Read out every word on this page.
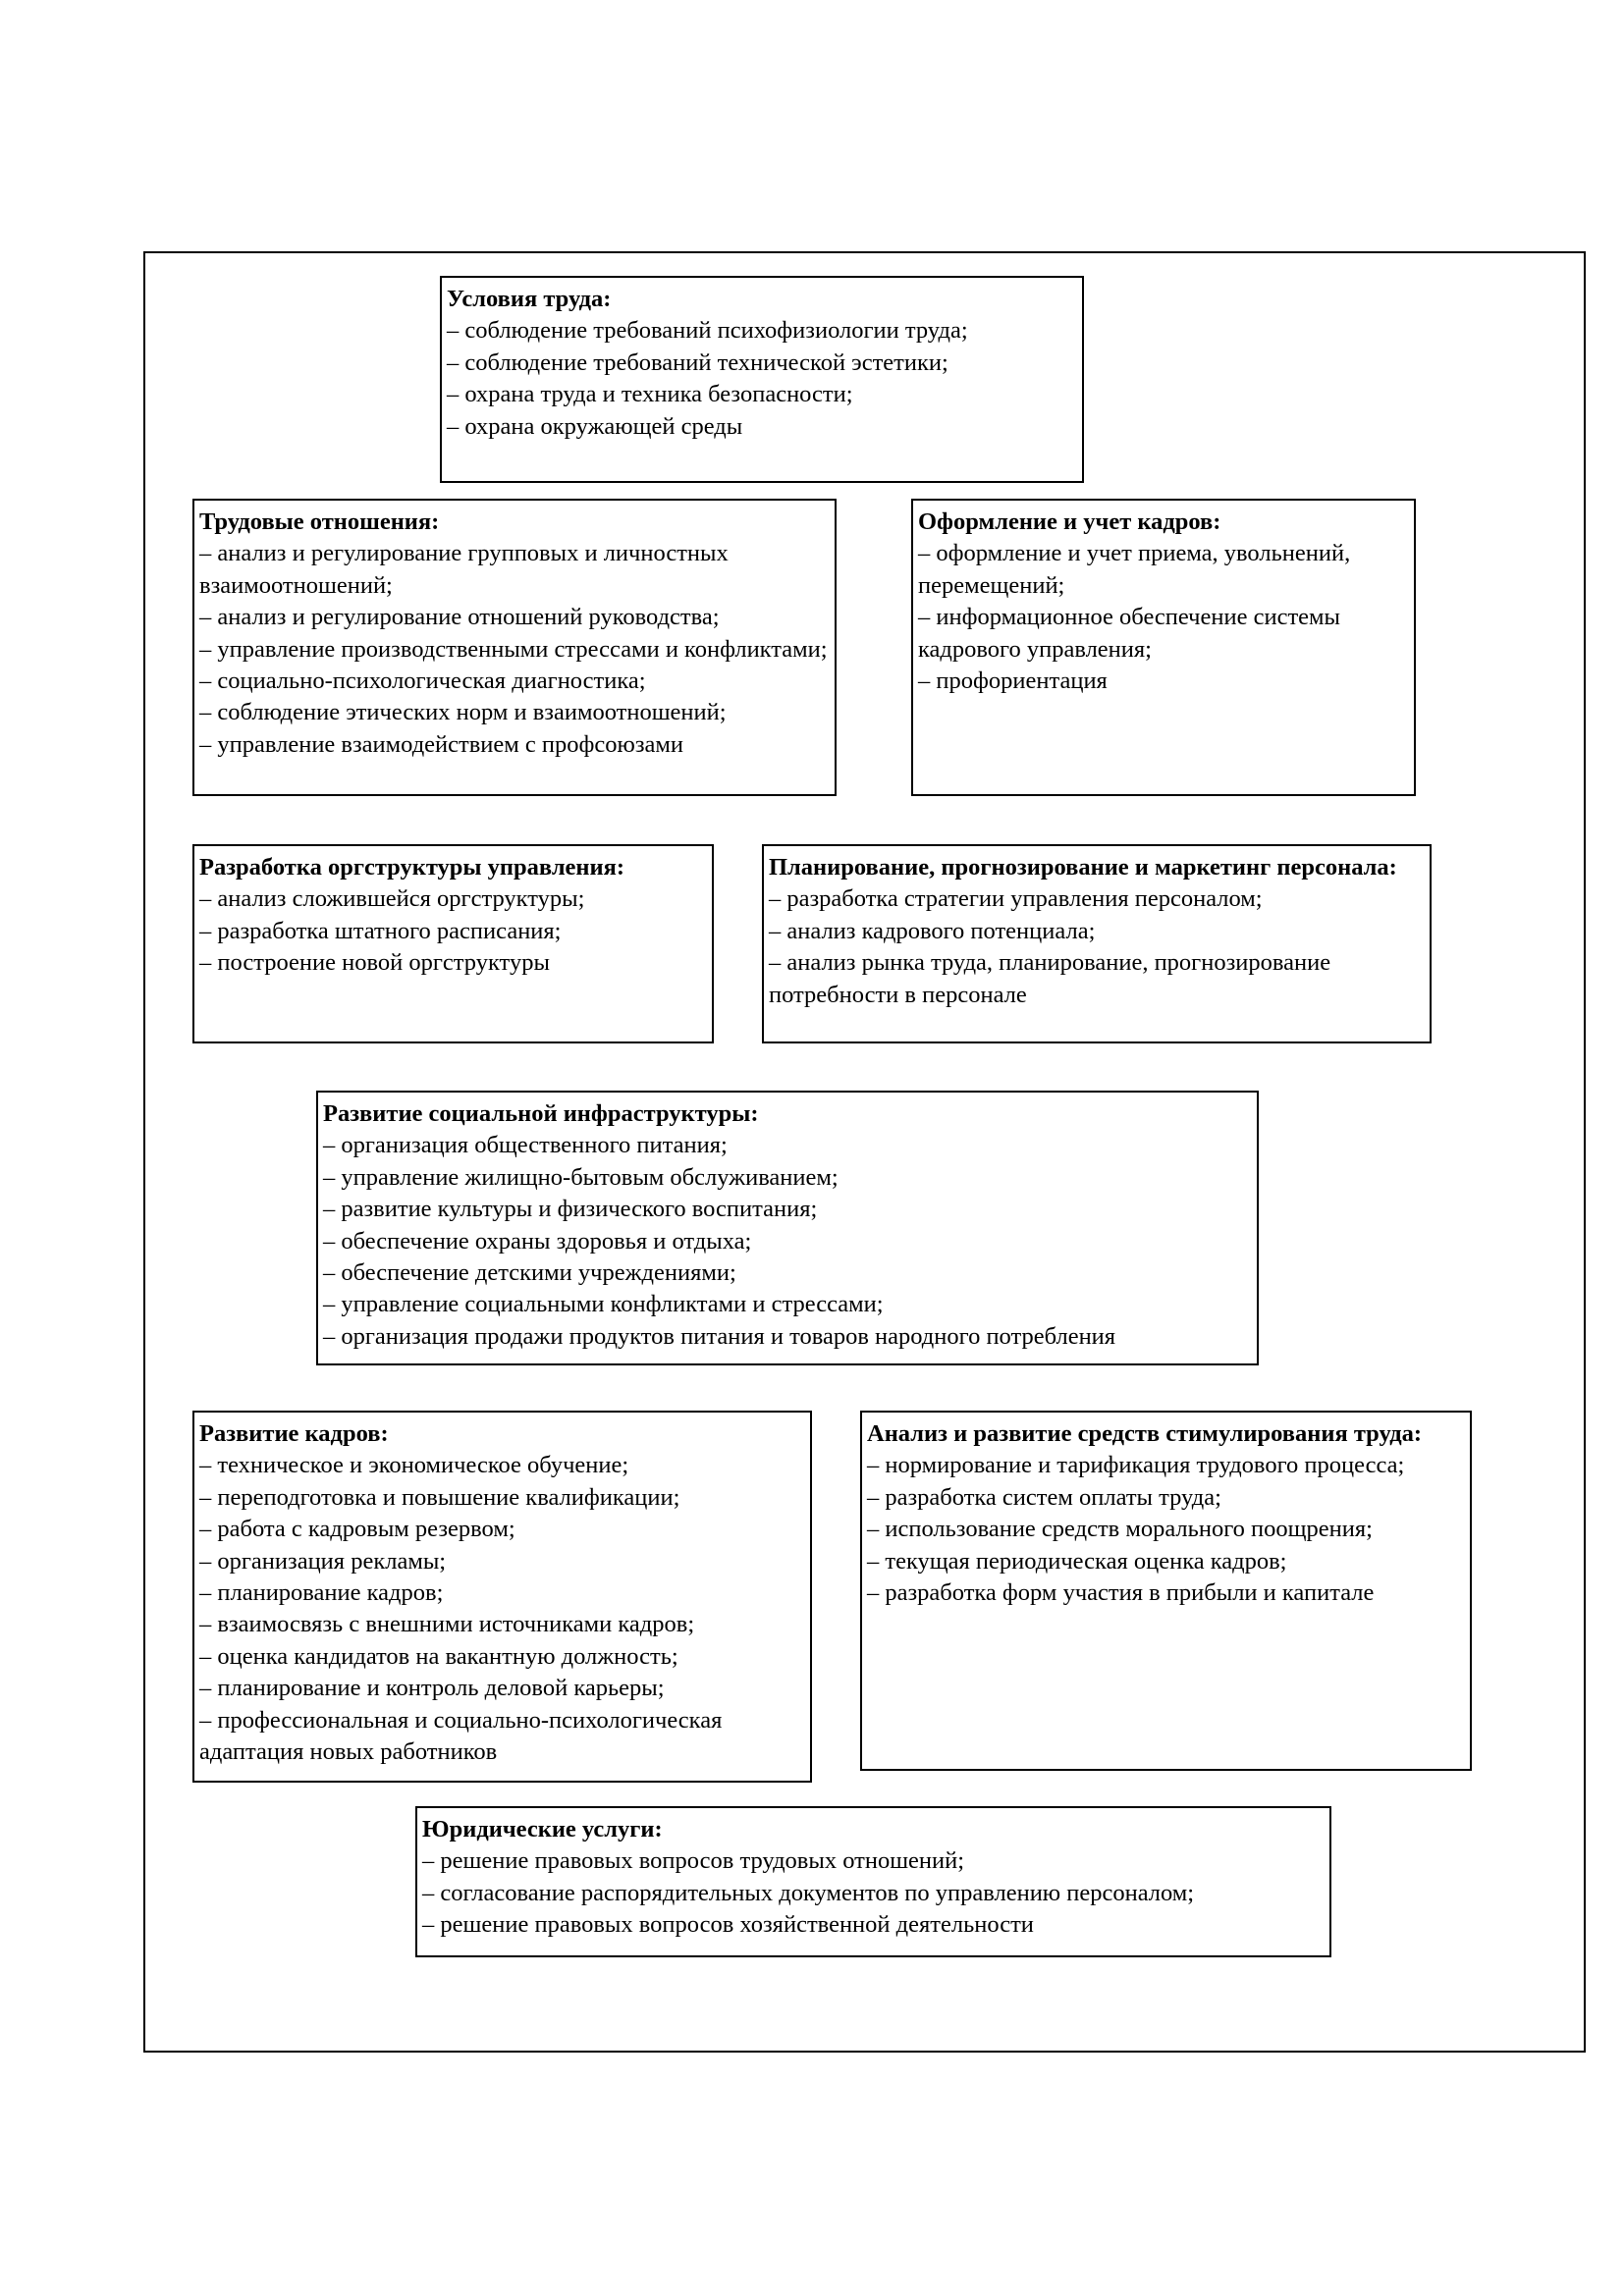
Условия труда:
– соблюдение требований психофизиологии труда;
– соблюдение требований технической эстетики;
– охрана труда и техника безопасности;
– охрана окружающей среды
Трудовые отношения:
– анализ и регулирование групповых и личностных взаимоотношений;
– анализ и регулирование отношений руководства;
– управление производственными стрессами и конфликтами;
– социально-психологическая диагностика;
– соблюдение этических норм и взаимоотношений;
– управление взаимодействием с профсоюзами
Оформление и учет кадров:
– оформление и учет приема, увольнений, перемещений;
– информационное обеспечение системы кадрового управления;
– профориентация
Разработка оргструктуры управления:
– анализ сложившейся оргструктуры;
– разработка штатного расписания;
– построение новой оргструктуры
Планирование, прогнозирование и маркетинг персонала:
– разработка стратегии управления персоналом;
– анализ кадрового потенциала;
– анализ рынка труда, планирование, прогнозирование потребности в персонале
Развитие социальной инфраструктуры:
– организация общественного питания;
– управление жилищно-бытовым обслуживанием;
– развитие культуры и физического воспитания;
– обеспечение охраны здоровья и отдыха;
– обеспечение детскими учреждениями;
– управление социальными конфликтами и стрессами;
– организация продажи продуктов питания и товаров народного потребления
Развитие кадров:
– техническое и экономическое обучение;
– переподготовка и повышение квалификации;
– работа с кадровым резервом;
– организация рекламы;
– планирование кадров;
– взаимосвязь с внешними источниками кадров;
– оценка кандидатов на вакантную должность;
– планирование и контроль деловой карьеры;
– профессиональная и социально-психологическая адаптация новых работников
Анализ и развитие средств стимулирования труда:
– нормирование и тарификация трудового процесса;
– разработка систем оплаты труда;
– использование средств морального поощрения;
– текущая периодическая оценка кадров;
– разработка форм участия в прибыли и капитале
Юридические услуги:
– решение правовых вопросов трудовых отношений;
– согласование распорядительных документов по управлению персоналом;
– решение правовых вопросов хозяйственной деятельности
